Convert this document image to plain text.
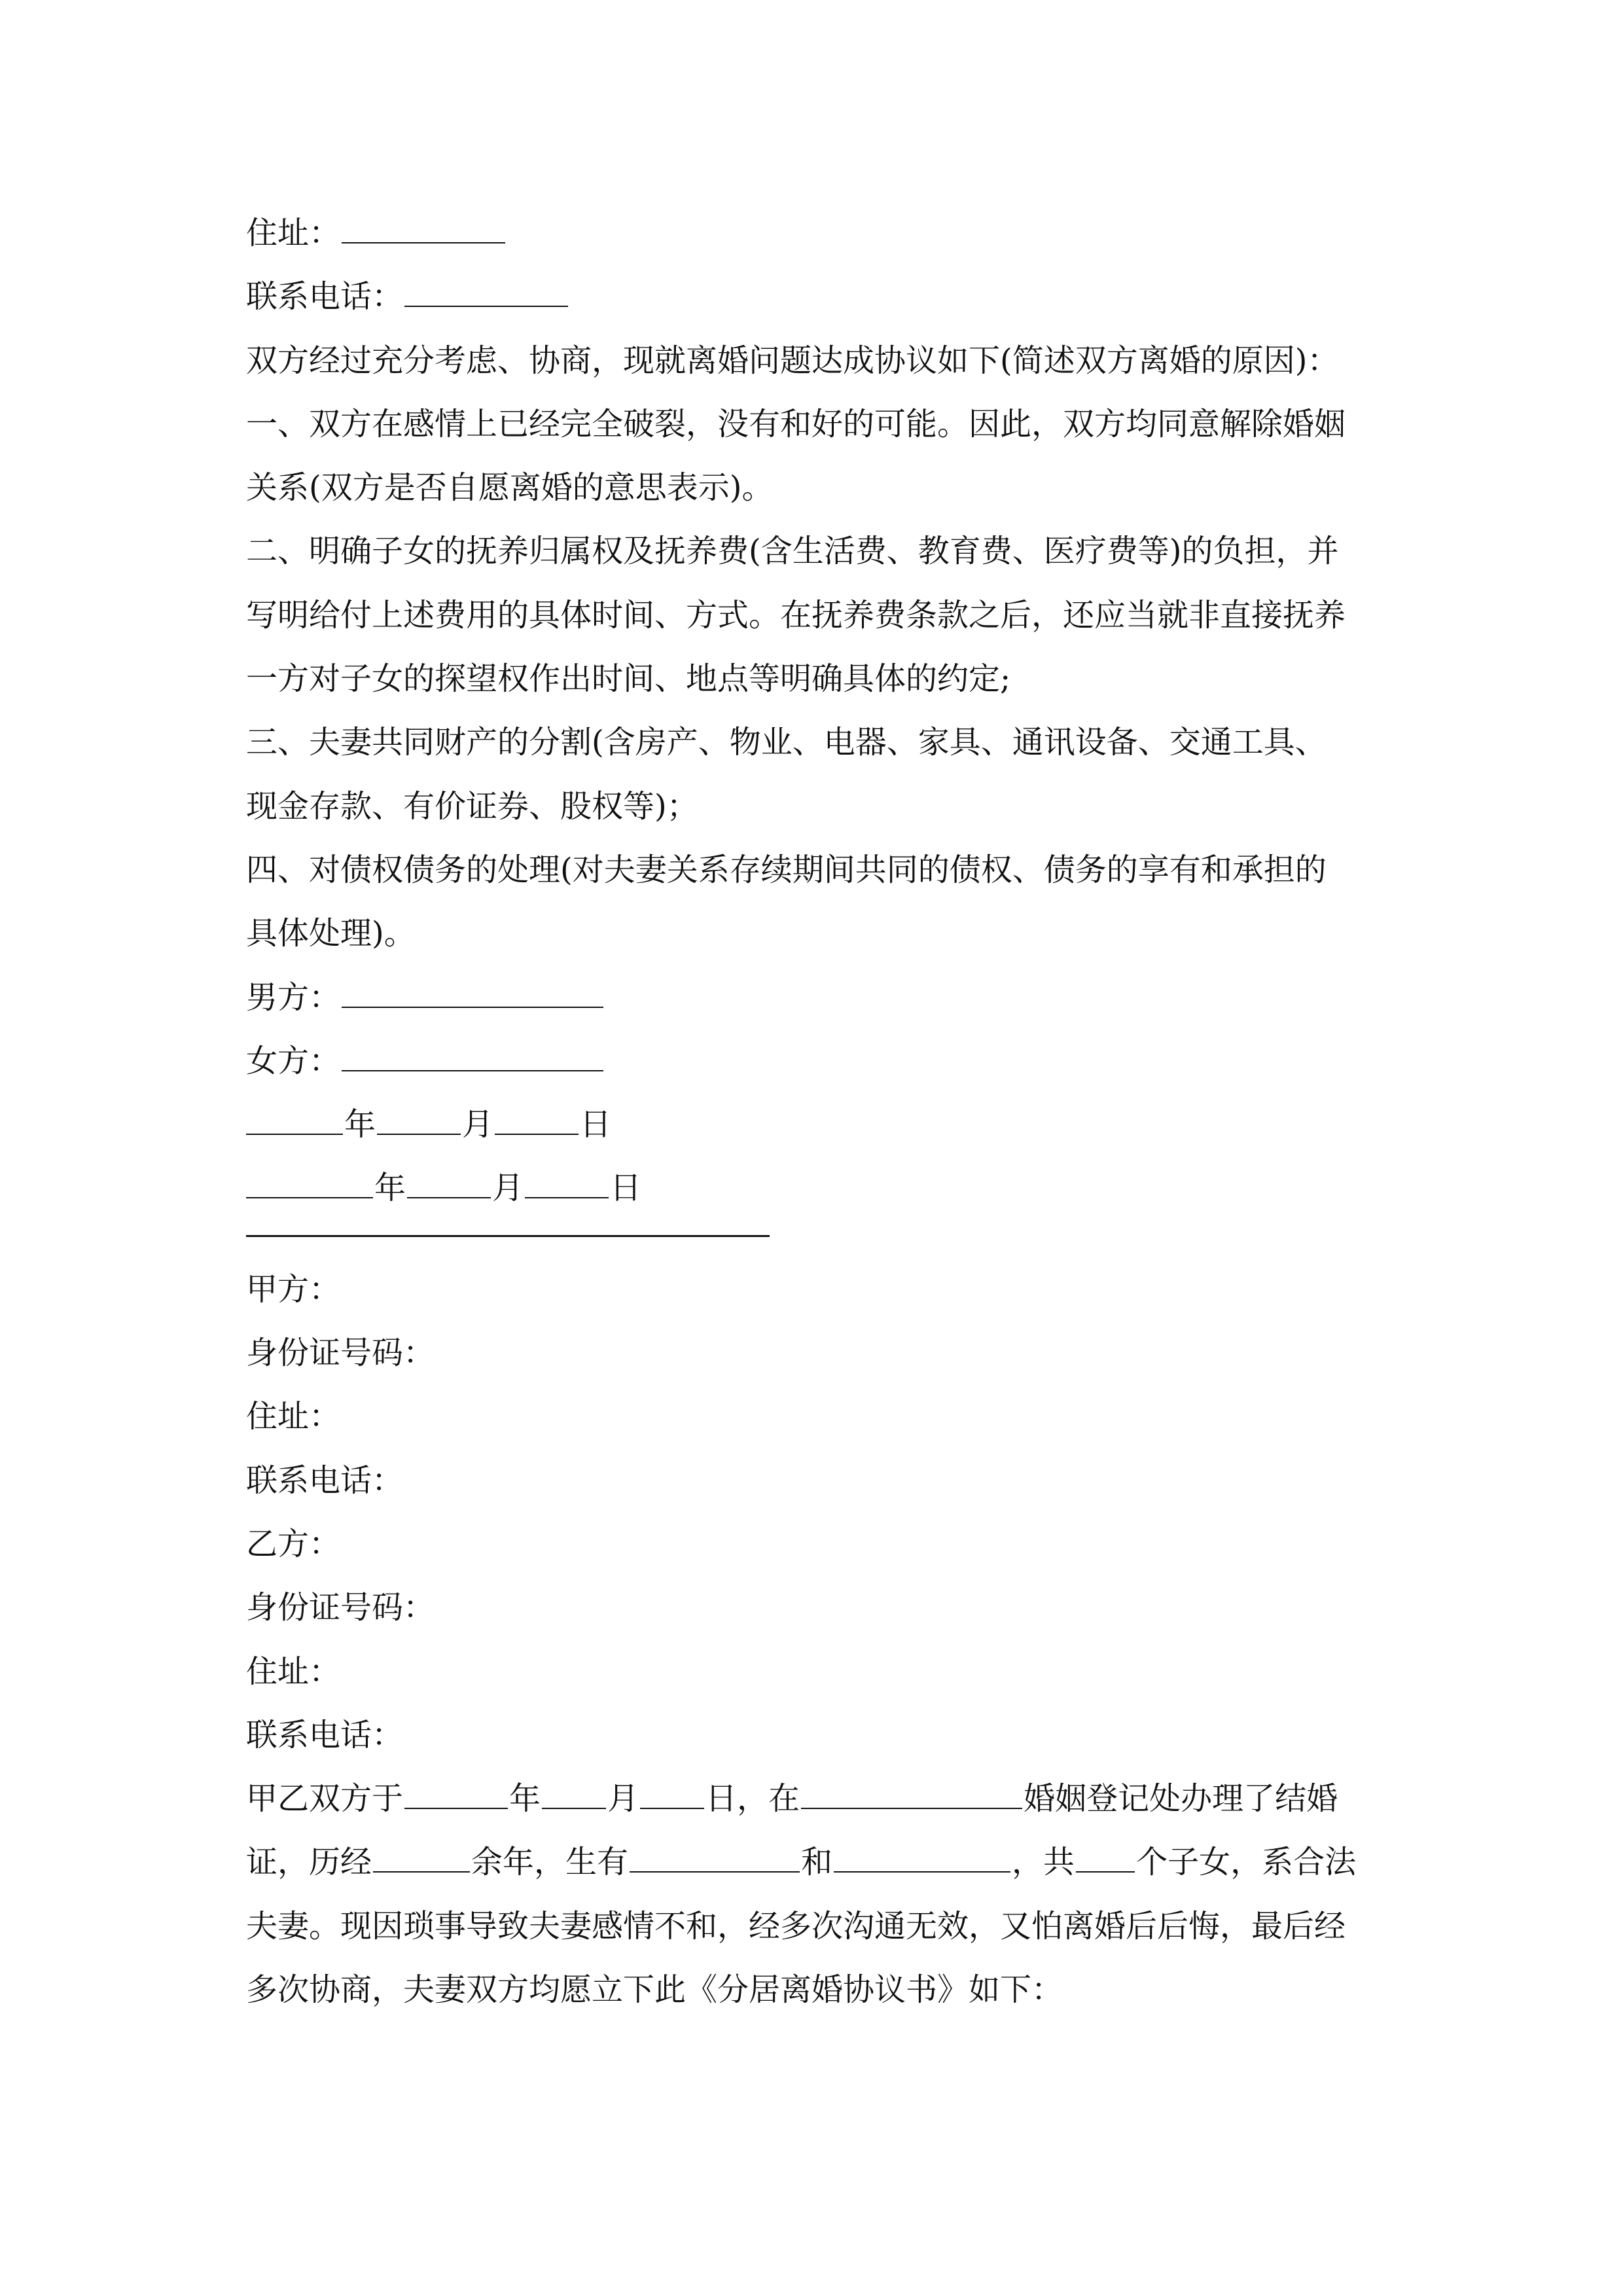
住址：
联系电话：
双方经过充分考虑、协商，现就离婚问题达成协议如下(简述双方离婚的原因)：
一、双方在感情上已经完全破裂，没有和好的可能。因此，双方均同意解除婚姻
关系(双方是否自愿离婚的意思表示)。
二、明确子女的抚养归属权及抚养费(含生活费、教育费、医疗费等)的负担，并
写明给付上述费用的具体时间、方式。在抚养费条款之后，还应当就非直接抚养
一方对子女的探望权作出时间、地点等明确具体的约定;
三、夫妻共同财产的分割(含房产、物业、电器、家具、通讯设备、交通工具、
现金存款、有价证券、股权等)；
四、对债权债务的处理(对夫妻关系存续期间共同的债权、债务的享有和承担的
具体处理)。
男方：
女方：
年	月	日
年	月	日
甲方：
身份证号码：
住址：
联系电话：
乙方：
身份证号码：
住址：
联系电话：
甲乙双方于	年 月 日，在	婚姻登记处办理了结婚
证，历经	余年，生有	和	，共 个子女，系合法
夫妻。现因琐事导致夫妻感情不和，经多次沟通无效，又怕离婚后后悔，最后经
多次协商，夫妻双方均愿立下此《分居离婚协议书》如下：
